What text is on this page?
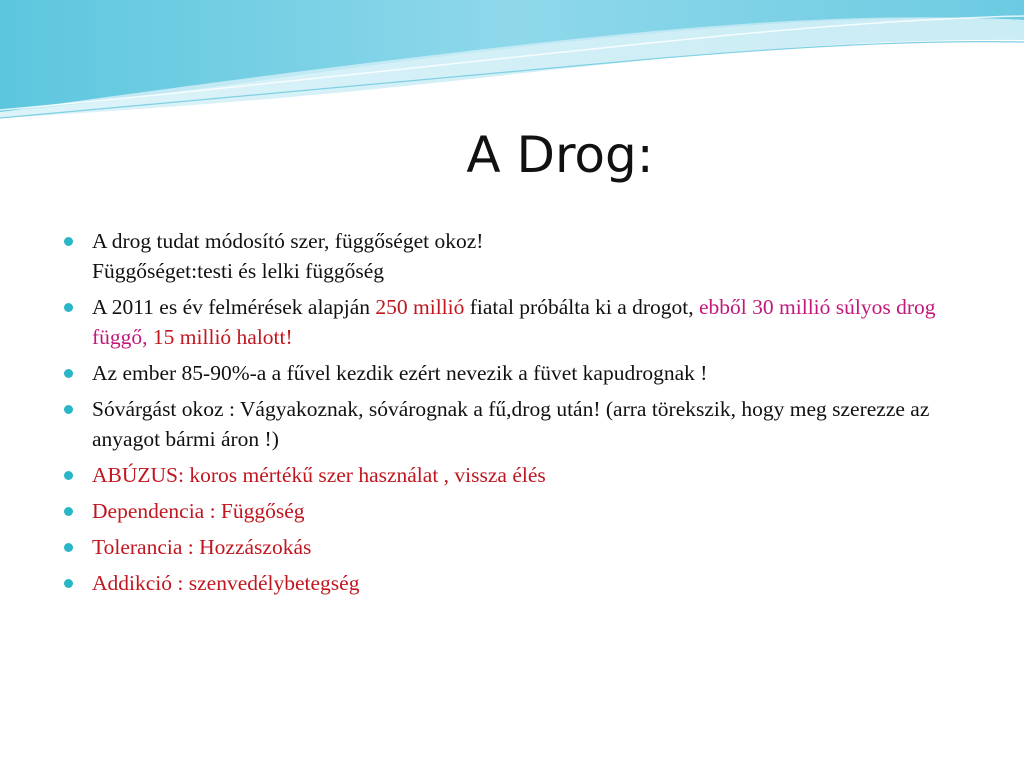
A Drog:
A drog tudat módosító szer, függőséget okoz!
Függőséget:testi és lelki függőség
A 2011 es év felmérések alapján 250 millió fiatal próbálta ki a drogot, ebből 30 millió súlyos drog függő, 15 millió halott!
Az ember 85-90%-a a fűvel kezdik ezért nevezik a füvet kapudrognak !
Sóvárgást okoz : Vágyakoznak, sóvárognak a fű,drog után! (arra törekszik, hogy meg szerezze az anyagot bármi áron !)
ABÚZUS: koros mértékű szer használat , vissza élés
Dependencia : Függőség
Tolerancia : Hozzászokás
Addikció : szenvedélybetegség
